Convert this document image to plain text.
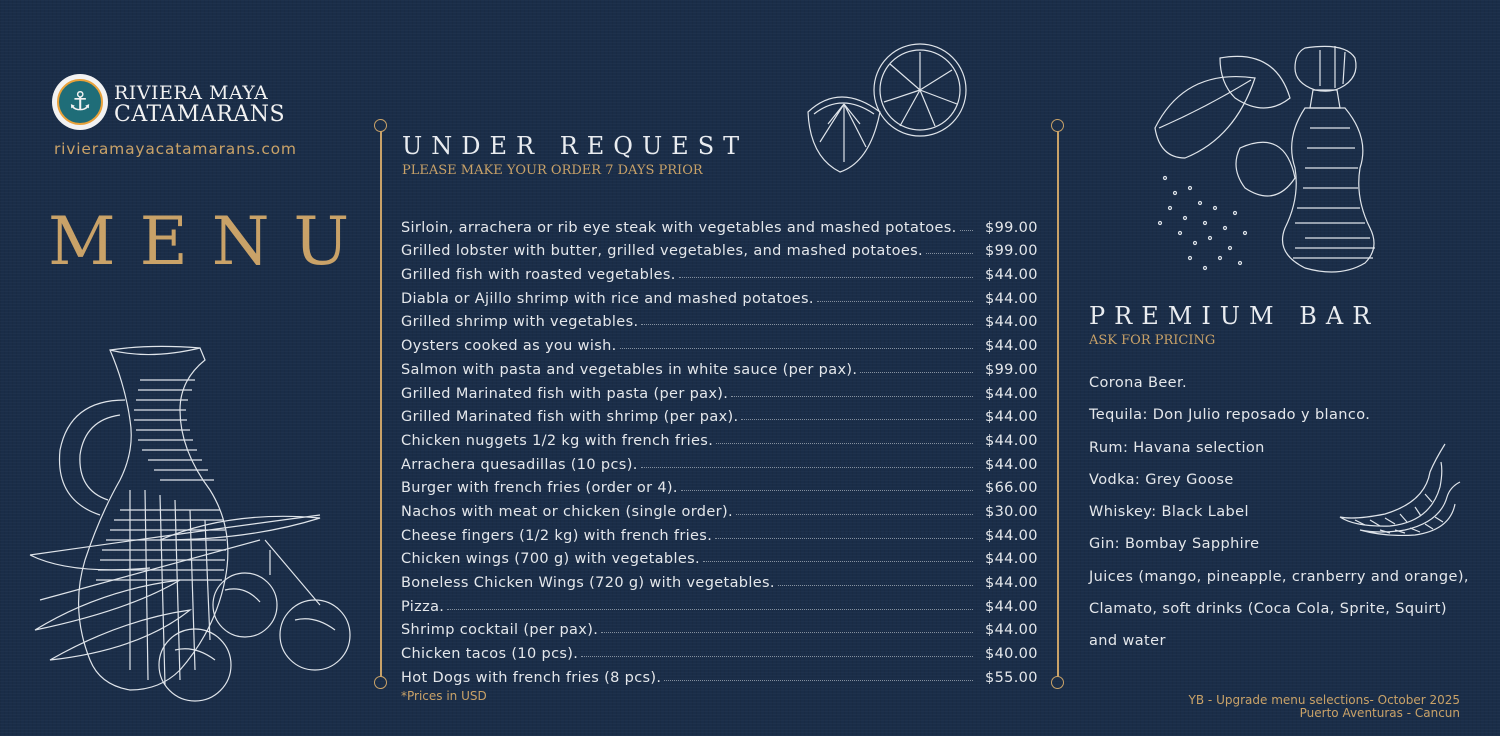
⚓	RIVIERA MAYA
CATAMARANS
rivieramayacatamarans.com
MENU
UNDER REQUEST
PLEASE MAKE YOUR ORDER 7 DAYS PRIOR
Sirloin, arrachera or rib eye steak with vegetables and mashed potatoes. $99.00
Grilled lobster with butter, grilled vegetables, and mashed potatoes.	$99.00
Grilled fish with roasted vegetables.	$44.00
Diabla or Ajillo shrimp with rice and mashed potatoes.	$44.00
Grilled shrimp with vegetables.	$44.00
Oysters cooked as you wish.	$44.00
Salmon with pasta and vegetables in white sauce (per pax).	$99.00
Grilled Marinated fish with pasta (per pax).	$44.00
Grilled Marinated fish with shrimp (per pax).	$44.00
Chicken nuggets 1/2 kg with french fries.	$44.00
Arrachera quesadillas (10 pcs).	$44.00
Burger with french fries (order or 4).	$66.00
Nachos with meat or chicken (single order).	$30.00
Cheese fingers (1/2 kg) with french fries.	$44.00
Chicken wings (700 g) with vegetables.	$44.00
Boneless Chicken Wings (720 g) with vegetables.	$44.00
Pizza.	$44.00
Shrimp cocktail (per pax).	$44.00
Chicken tacos (10 pcs).	$40.00
Hot Dogs with french fries (8 pcs).	$55.00
*Prices in USD
PREMIUM BAR
ASK FOR PRICING
Corona Beer.
Tequila: Don Julio reposado y blanco.
Rum: Havana selection
Vodka: Grey Goose
Whiskey: Black Label
Gin: Bombay Sapphire
Juices (mango, pineapple, cranberry and orange),
Clamato, soft drinks (Coca Cola, Sprite, Squirt)
and water
YB - Upgrade menu selections- October 2025
Puerto Aventuras - Cancun
